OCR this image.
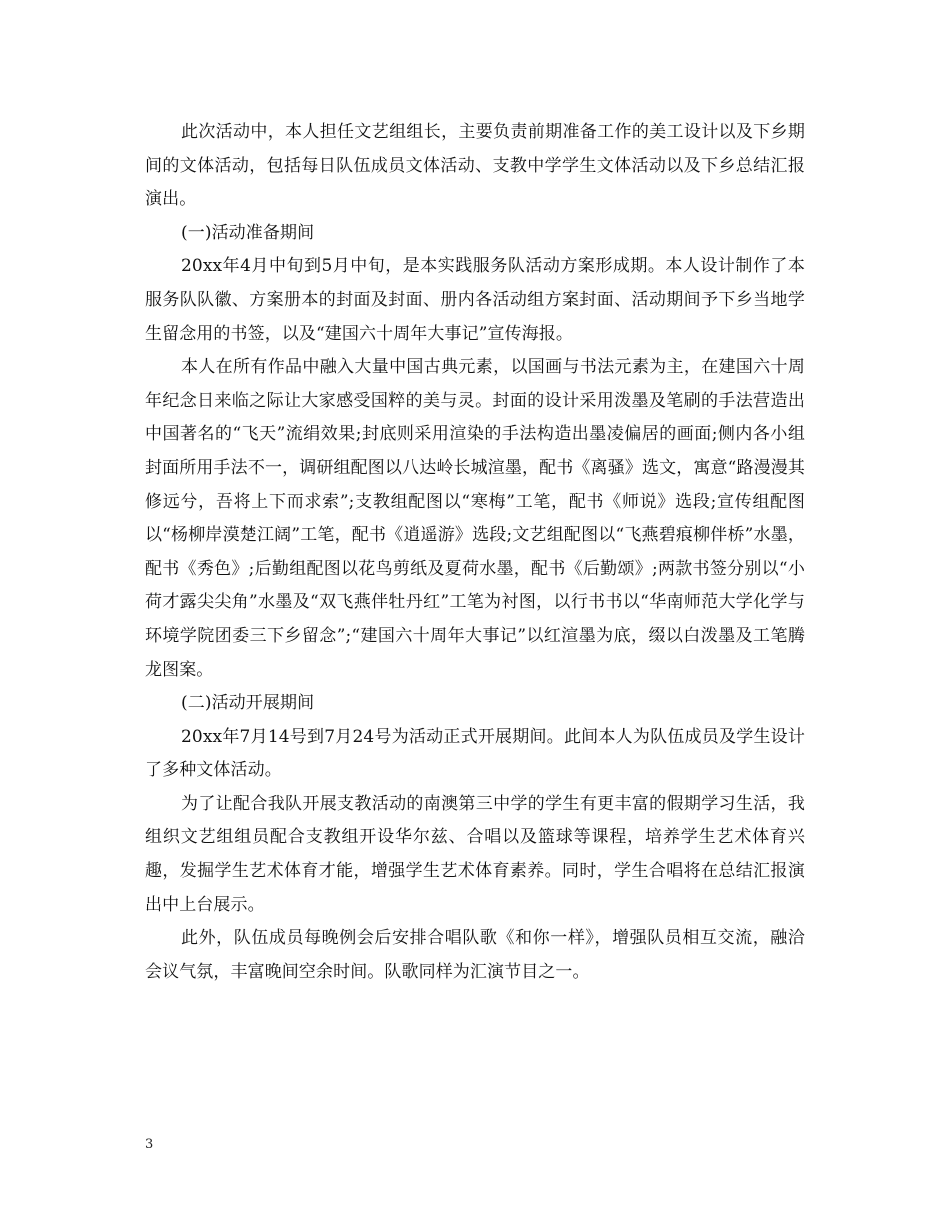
此次活动中，本人担任文艺组组长，主要负责前期准备工作的美工设计以及下乡期间的文体活动，包括每日队伍成员文体活动、支教中学学生文体活动以及下乡总结汇报演出。

(一)活动准备期间

20xx年4月中旬到5月中旬，是本实践服务队活动方案形成期。本人设计制作了本服务队队徽、方案册本的封面及封面、册内各活动组方案封面、活动期间予下乡当地学生留念用的书签，以及“建国六十周年大事记”宣传海报。

本人在所有作品中融入大量中国古典元素，以国画与书法元素为主，在建国六十周年纪念日来临之际让大家感受国粹的美与灵。封面的设计采用泼墨及笔刷的手法营造出中国著名的“飞天”流绢效果;封底则采用渲染的手法构造出墨凌偏居的画面;侧内各小组封面所用手法不一，调研组配图以八达岭长城渲墨，配书《离骚》选文，寓意“路漫漫其修远兮，吾将上下而求索”;支教组配图以“寒梅”工笔，配书《师说》选段;宣传组配图以“杨柳岸漠楚江阔”工笔，配书《逍遥游》选段;文艺组配图以“飞燕碧痕柳伴桥”水墨，配书《秀色》;后勤组配图以花鸟剪纸及夏荷水墨，配书《后勤颂》;两款书签分别以“小荷才露尖尖角”水墨及“双飞燕伴牡丹红”工笔为衬图，以行书书以“华南师范大学化学与环境学院团委三下乡留念”;“建国六十周年大事记”以红渲墨为底，缀以白泼墨及工笔腾龙图案。

(二)活动开展期间

20xx年7月14号到7月24号为活动正式开展期间。此间本人为队伍成员及学生设计了多种文体活动。

为了让配合我队开展支教活动的南澳第三中学的学生有更丰富的假期学习生活，我组织文艺组组员配合支教组开设华尔兹、合唱以及篮球等课程，培养学生艺术体育兴趣，发掘学生艺术体育才能，增强学生艺术体育素养。同时，学生合唱将在总结汇报演出中上台展示。

此外，队伍成员每晚例会后安排合唱队歌《和你一样》，增强队员相互交流，融洽会议气氛，丰富晚间空余时间。队歌同样为汇演节目之一。

3
